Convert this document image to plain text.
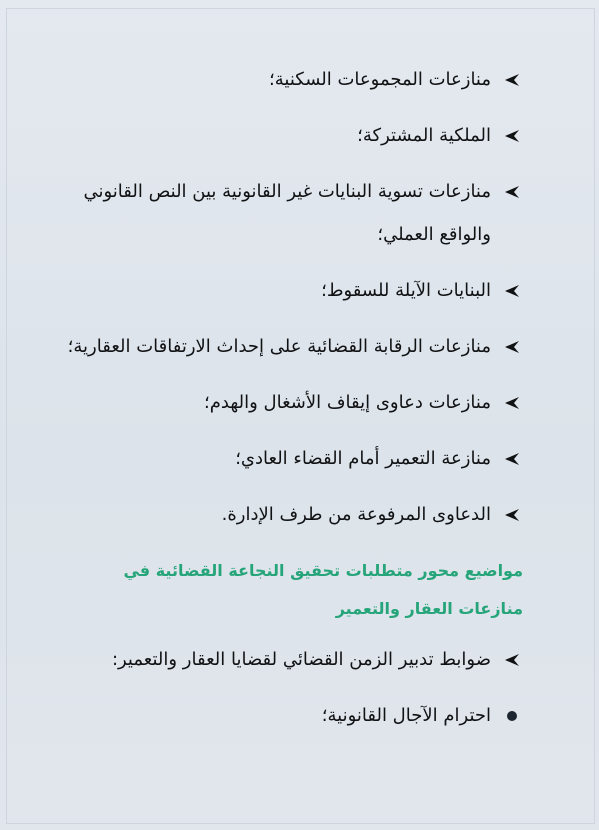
منازعات المجموعات السكنية؛

الملكية المشتركة؛

منازعات تسوية البنايات غير القانونية بين النص القانوني والواقع العملي؛

البنايات الآيلة للسقوط؛

منازعات الرقابة القضائية على إحداث الارتفاقات العقارية؛

منازعات دعاوى إيقاف الأشغال والهدم؛

منازعة التعمير أمام القضاء العادي؛

الدعاوى المرفوعة من طرف الإدارة.

مواضيع محور متطلبات تحقيق النجاعة القضائية في منازعات العقار والتعمير

ضوابط تدبير الزمن القضائي لقضايا العقار والتعمير:

احترام الآجال القانونية؛
